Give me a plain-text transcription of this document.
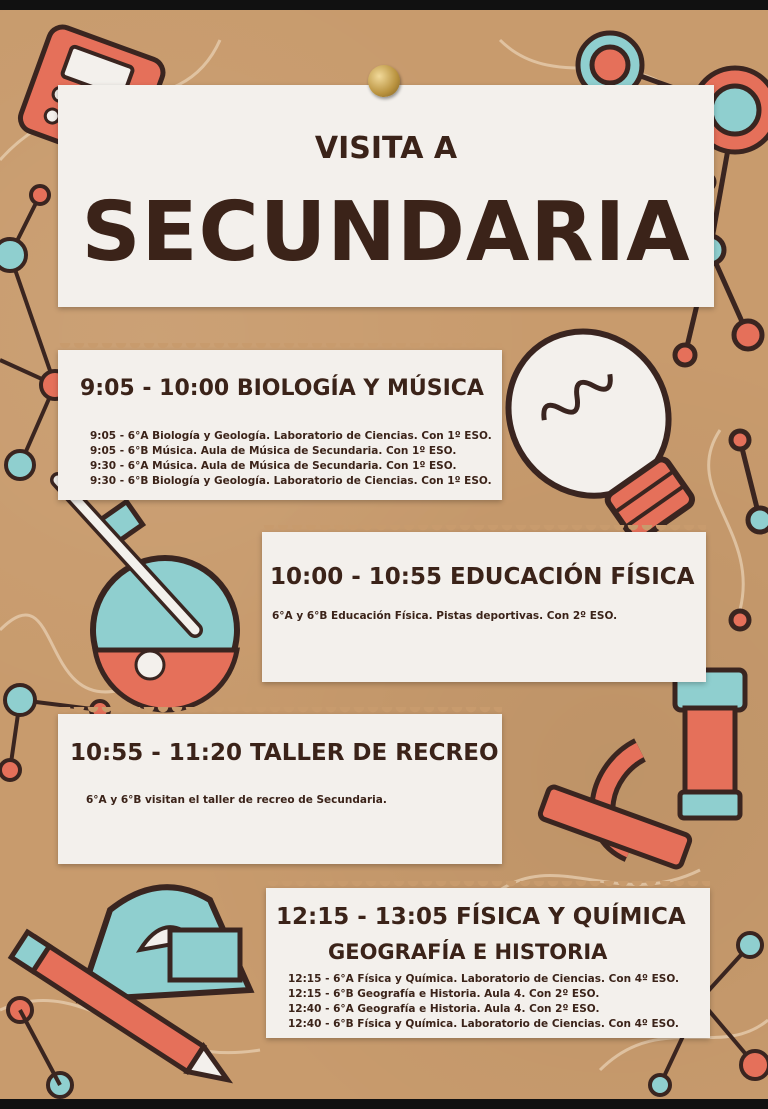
VISITA A
SECUNDARIA
9:05 - 10:00 BIOLOGÍA Y MÚSICA
9:05 - 6°A Biología y Geología. Laboratorio de Ciencias. Con 1º ESO.
9:05 - 6°B Música. Aula de Música de Secundaria. Con 1º ESO.
9:30 - 6°A Música. Aula de Música de Secundaria. Con 1º ESO.
9:30 - 6°B Biología y Geología. Laboratorio de Ciencias. Con 1º ESO.
10:00 - 10:55 EDUCACIÓN FÍSICA
6°A y 6°B Educación Física. Pistas deportivas. Con 2º ESO.
10:55 - 11:20 TALLER DE RECREO
6°A y 6°B visitan el taller de recreo de Secundaria.
12:15 - 13:05 FÍSICA Y QUÍMICA
GEOGRAFÍA E HISTORIA
12:15 - 6°A Física y Química. Laboratorio de Ciencias. Con 4º ESO.
12:15 - 6°B Geografía e Historia. Aula 4. Con 2º ESO.
12:40 - 6°A Geografía e Historia. Aula 4. Con 2º ESO.
12:40 - 6°B Física y Química. Laboratorio de Ciencias. Con 4º ESO.
